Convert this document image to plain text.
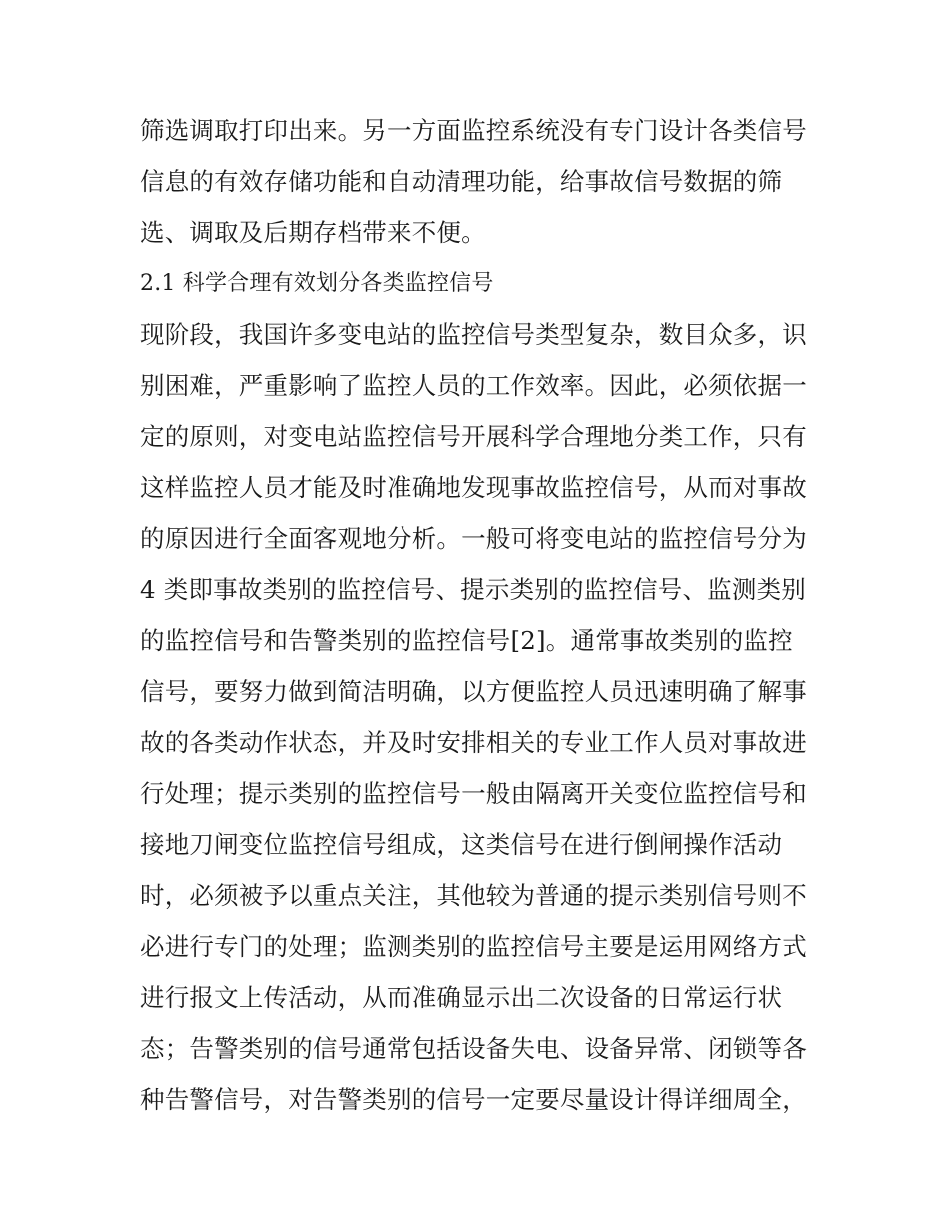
筛选调取打印出来。另一方面监控系统没有专门设计各类信号
信息的有效存储功能和自动清理功能，给事故信号数据的筛
选、调取及后期存档带来不便。
2.1 科学合理有效划分各类监控信号
现阶段，我国许多变电站的监控信号类型复杂，数目众多，识
别困难，严重影响了监控人员的工作效率。因此，必须依据一
定的原则，对变电站监控信号开展科学合理地分类工作，只有
这样监控人员才能及时准确地发现事故监控信号，从而对事故
的原因进行全面客观地分析。一般可将变电站的监控信号分为
4 类即事故类别的监控信号、提示类别的监控信号、监测类别
的监控信号和告警类别的监控信号[2]。通常事故类别的监控
信号，要努力做到简洁明确，以方便监控人员迅速明确了解事
故的各类动作状态，并及时安排相关的专业工作人员对事故进
行处理；提示类别的监控信号一般由隔离开关变位监控信号和
接地刀闸变位监控信号组成，这类信号在进行倒闸操作活动
时，必须被予以重点关注，其他较为普通的提示类别信号则不
必进行专门的处理；监测类别的监控信号主要是运用网络方式
进行报文上传活动，从而准确显示出二次设备的日常运行状
态；告警类别的信号通常包括设备失电、设备异常、闭锁等各
种告警信号，对告警类别的信号一定要尽量设计得详细周全，
